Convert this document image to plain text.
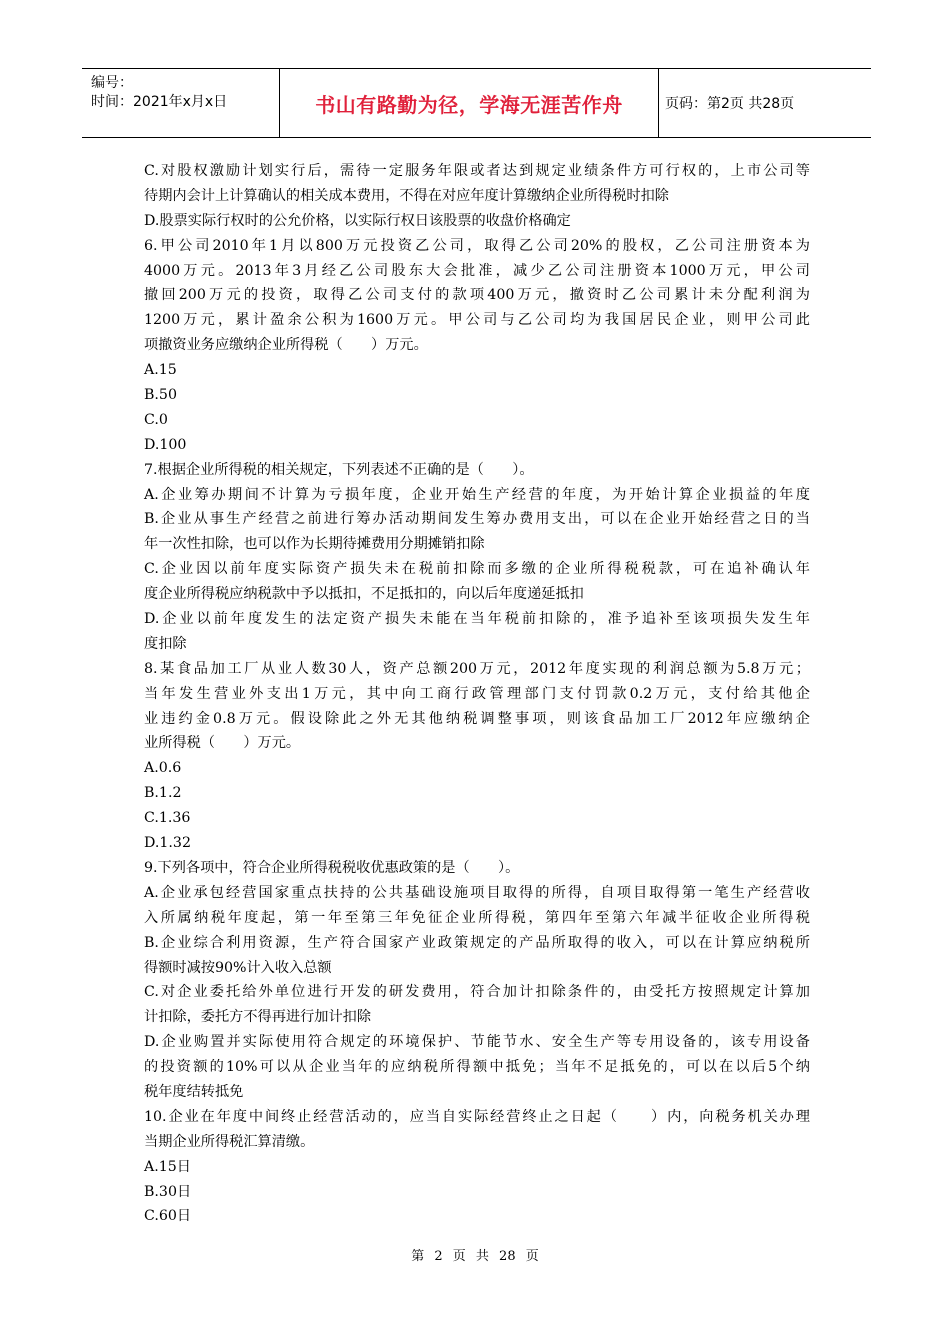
编号：
时间：2021年x月x日	书山有路勤为径，学海无涯苦作舟	页码：第2页 共28页
C.对股权激励计划实行后，需待一定服务年限或者达到规定业绩条件方可行权的，上市公司等
待期内会计上计算确认的相关成本费用，不得在对应年度计算缴纳企业所得税时扣除
D.股票实际行权时的公允价格，以实际行权日该股票的收盘价格确定
6.甲公司2010年1月以800万元投资乙公司，取得乙公司20%的股权，乙公司注册资本为
4000万元。2013年3月经乙公司股东大会批准，减少乙公司注册资本1000万元，甲公司
撤回200万元的投资，取得乙公司支付的款项400万元，撤资时乙公司累计未分配利润为
1200万元，累计盈余公积为1600万元。甲公司与乙公司均为我国居民企业，则甲公司此
项撤资业务应缴纳企业所得税（　　）万元。
A.15
B.50
C.0
D.100
7.根据企业所得税的相关规定，下列表述不正确的是（　　）。
A.企业筹办期间不计算为亏损年度，企业开始生产经营的年度，为开始计算企业损益的年度
B.企业从事生产经营之前进行筹办活动期间发生筹办费用支出，可以在企业开始经营之日的当
年一次性扣除，也可以作为长期待摊费用分期摊销扣除
C.企业因以前年度实际资产损失未在税前扣除而多缴的企业所得税税款，可在追补确认年
度企业所得税应纳税款中予以抵扣，不足抵扣的，向以后年度递延抵扣
D.企业以前年度发生的法定资产损失未能在当年税前扣除的，准予追补至该项损失发生年
度扣除
8.某食品加工厂从业人数30人，资产总额200万元，2012年度实现的利润总额为5.8万元；
当年发生营业外支出1万元，其中向工商行政管理部门支付罚款0.2万元，支付给其他企
业违约金0.8万元。假设除此之外无其他纳税调整事项，则该食品加工厂2012年应缴纳企
业所得税（　　）万元。
A.0.6
B.1.2
C.1.36
D.1.32
9.下列各项中，符合企业所得税税收优惠政策的是（　　）。
A.企业承包经营国家重点扶持的公共基础设施项目取得的所得，自项目取得第一笔生产经营收
入所属纳税年度起，第一年至第三年免征企业所得税，第四年至第六年减半征收企业所得税
B.企业综合利用资源，生产符合国家产业政策规定的产品所取得的收入，可以在计算应纳税所
得额时减按90%计入收入总额
C.对企业委托给外单位进行开发的研发费用，符合加计扣除条件的，由受托方按照规定计算加
计扣除，委托方不得再进行加计扣除
D.企业购置并实际使用符合规定的环境保护、节能节水、安全生产等专用设备的，该专用设备
的投资额的10%可以从企业当年的应纳税所得额中抵免；当年不足抵免的，可以在以后5个纳
税年度结转抵免
10.企业在年度中间终止经营活动的，应当自实际经营终止之日起（　　）内，向税务机关办理
当期企业所得税汇算清缴。
A.15日
B.30日
C.60日
第 2 页 共 28 页
